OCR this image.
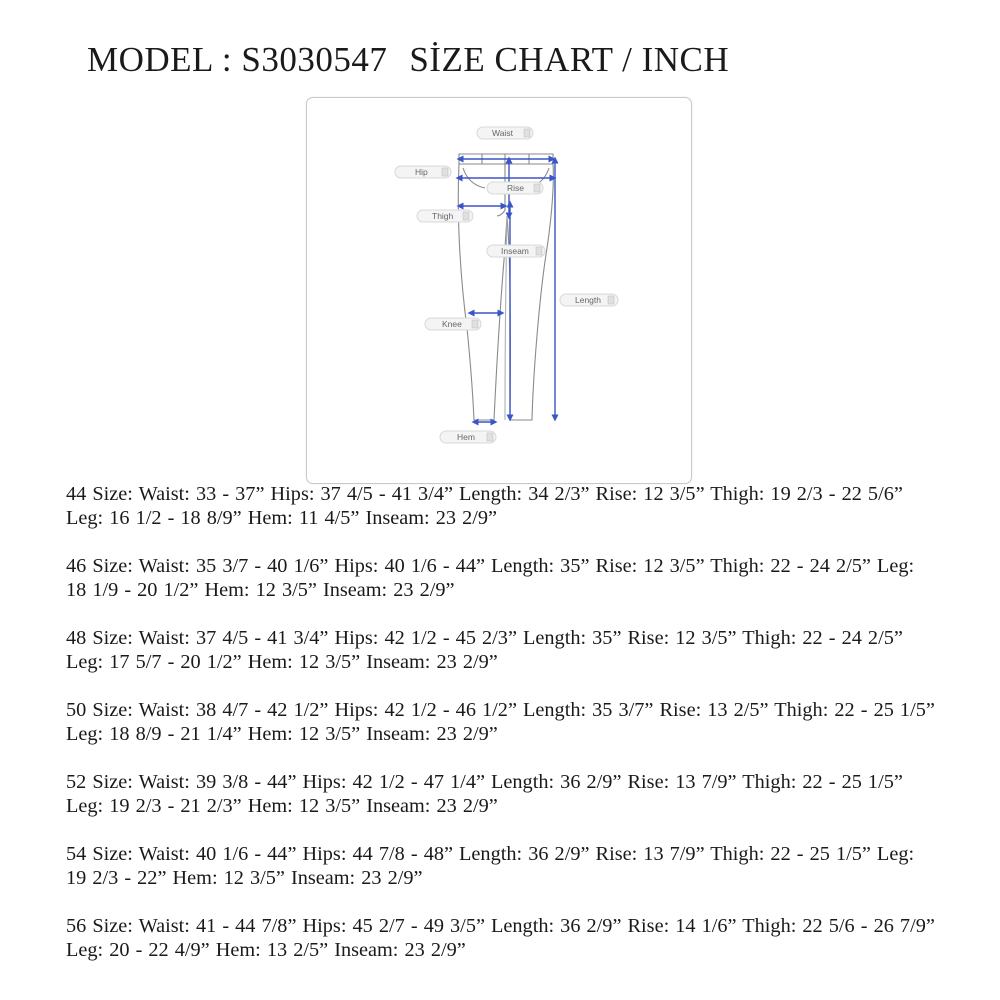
MODEL : S3030547 SİZE CHART / INCH
Waist
Hip
Rise
Thigh
Inseam
Length
Knee
Hem
44 Size: Waist: 33 - 37” Hips: 37 4/5 - 41 3/4” Length: 34 2/3” Rise: 12 3/5” Thigh: 19 2/3 - 22 5/6” Leg: 16 1/2 - 18 8/9” Hem: 11 4/5” Inseam: 23 2/9”
46 Size: Waist: 35 3/7 - 40 1/6” Hips: 40 1/6 - 44” Length: 35” Rise: 12 3/5” Thigh: 22 - 24 2/5” Leg: 18 1/9 - 20 1/2” Hem: 12 3/5” Inseam: 23 2/9”
48 Size: Waist: 37 4/5 - 41 3/4” Hips: 42 1/2 - 45 2/3” Length: 35” Rise: 12 3/5” Thigh: 22 - 24 2/5” Leg: 17 5/7 - 20 1/2” Hem: 12 3/5” Inseam: 23 2/9”
50 Size: Waist: 38 4/7 - 42 1/2” Hips: 42 1/2 - 46 1/2” Length: 35 3/7” Rise: 13 2/5” Thigh: 22 - 25 1/5” Leg: 18 8/9 - 21 1/4” Hem: 12 3/5” Inseam: 23 2/9”
52 Size: Waist: 39 3/8 - 44” Hips: 42 1/2 - 47 1/4” Length: 36 2/9” Rise: 13 7/9” Thigh: 22 - 25 1/5” Leg: 19 2/3 - 21 2/3” Hem: 12 3/5” Inseam: 23 2/9”
54 Size: Waist: 40 1/6 - 44” Hips: 44 7/8 - 48” Length: 36 2/9” Rise: 13 7/9” Thigh: 22 - 25 1/5” Leg: 19 2/3 - 22” Hem: 12 3/5” Inseam: 23 2/9”
56 Size: Waist: 41 - 44 7/8” Hips: 45 2/7 - 49 3/5” Length: 36 2/9” Rise: 14 1/6” Thigh: 22 5/6 - 26 7/9” Leg: 20 - 22 4/9” Hem: 13 2/5” Inseam: 23 2/9”
